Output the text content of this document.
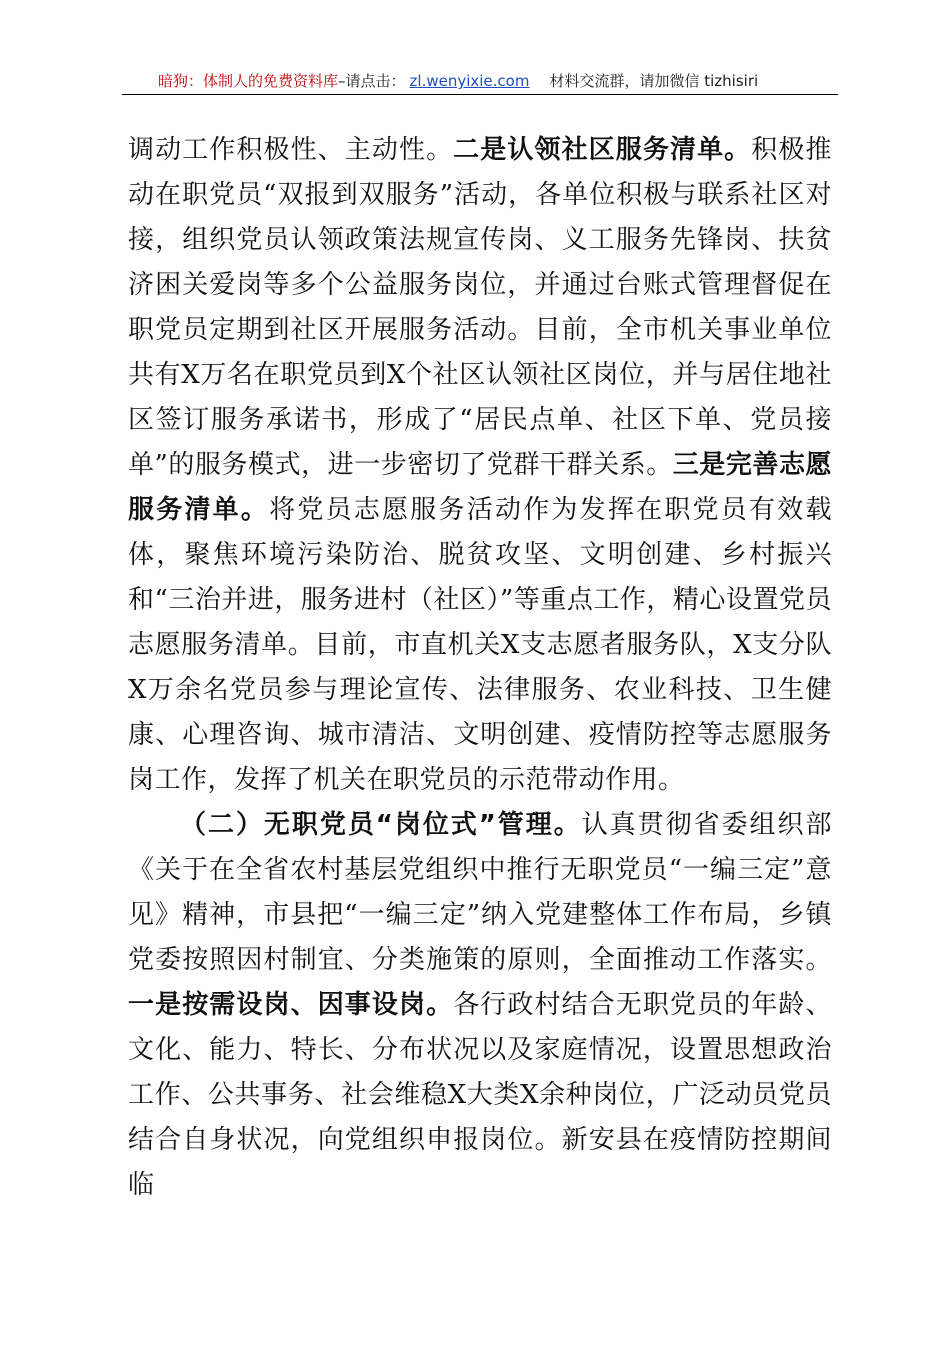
暗狗：体制人的免费资料库–请点击： zl.wenyixie.com 材料交流群，请加微信 tizhisiri

调动工作积极性、主动性。二是认领社区服务清单。积极推动在职党员“双报到双服务”活动，各单位积极与联系社区对接，组织党员认领政策法规宣传岗、义工服务先锋岗、扶贫济困关爱岗等多个公益服务岗位，并通过台账式管理督促在职党员定期到社区开展服务活动。目前，全市机关事业单位共有X万名在职党员到X个社区认领社区岗位，并与居住地社区签订服务承诺书，形成了“居民点单、社区下单、党员接单”的服务模式，进一步密切了党群干群关系。三是完善志愿服务清单。将党员志愿服务活动作为发挥在职党员有效载体，聚焦环境污染防治、脱贫攻坚、文明创建、乡村振兴和“三治并进，服务进村（社区）”等重点工作，精心设置党员志愿服务清单。目前，市直机关X支志愿者服务队，X支分队X万余名党员参与理论宣传、法律服务、农业科技、卫生健康、心理咨询、城市清洁、文明创建、疫情防控等志愿服务岗工作，发挥了机关在职党员的示范带动作用。

（二）无职党员“岗位式”管理。认真贯彻省委组织部《关于在全省农村基层党组织中推行无职党员“一编三定”意见》精神，市县把“一编三定”纳入党建整体工作布局，乡镇党委按照因村制宜、分类施策的原则，全面推动工作落实。一是按需设岗、因事设岗。各行政村结合无职党员的年龄、文化、能力、特长、分布状况以及家庭情况，设置思想政治工作、公共事务、社会维稳X大类X余种岗位，广泛动员党员结合自身状况，向党组织申报岗位。新安县在疫情防控期间临
